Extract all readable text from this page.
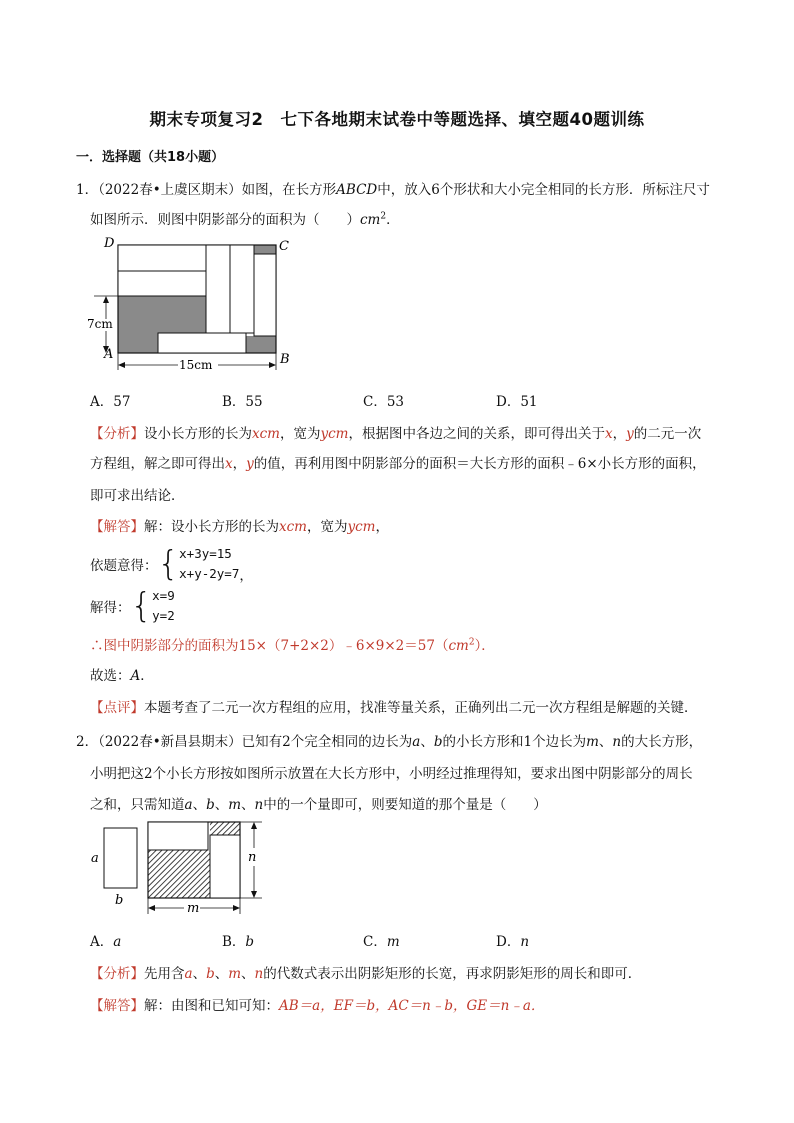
期末专项复习2　七下各地期末试卷中等题选择、填空题40题训练
一．选择题（共18小题）
1．（2022春•上虞区期末）如图，在长方形ABCD中，放入6个形状和大小完全相同的长方形．所标注尺寸
如图所示．则图中阴影部分的面积为（　　）$cm^2$．
D	C
A	B
7cm
15cm
A．57	B．55	C．53	D．51
【分析】设小长方形的长为xcm，宽为ycm，根据图中各边之间的关系，即可得出关于x，y的二元一次
方程组，解之即可得出x，y的值，再利用图中阴影部分的面积＝大长方形的面积﹣6×小长方形的面积，
即可求出结论．
【解答】解：设小长方形的长为xcm，宽为ycm，
依题意得： { x+3y=15
x+y-2y=7 ，
解得： { x=9
y=2
∴图中阴影部分的面积为$15\times(7+2\times 2)﹣6\times 9\times 2=57(cm^2)$．
故选：A．
【点评】本题考查了二元一次方程组的应用，找准等量关系，正确列出二元一次方程组是解题的关键．
2．（2022春•新昌县期末）已知有2个完全相同的边长为a、b的小长方形和1个边长为m、n的大长方形，
小明把这2个小长方形按如图所示放置在大长方形中，小明经过推理得知，要求出图中阴影部分的周长
之和，只需知道a、b、m、n中的一个量即可，则要知道的那个量是（　　）
a
b
n
m
A．a	B．b	C．m	D．n
【分析】先用含a、b、m、n的代数式表示出阴影矩形的长宽，再求阴影矩形的周长和即可．
【解答】解：由图和已知可知：AB＝a，EF＝b，AC＝n﹣b，GE＝n﹣a．
